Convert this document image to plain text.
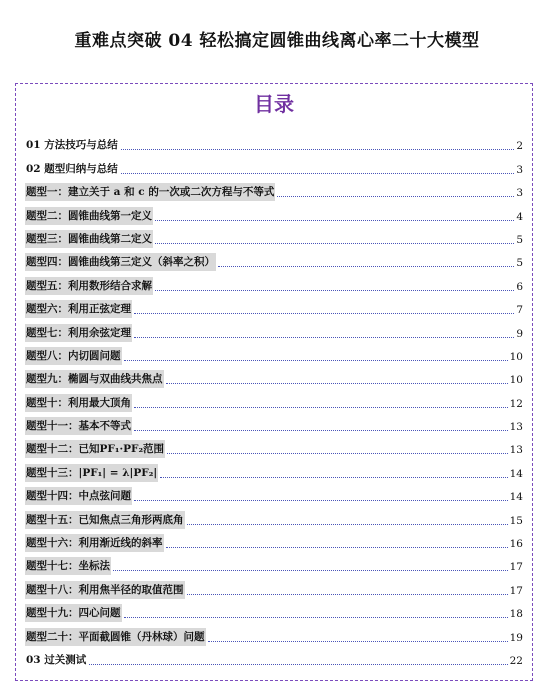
重难点突破 04 轻松搞定圆锥曲线离心率二十大模型
目录
01 方法技巧与总结	2
02 题型归纳与总结	3
题型一：建立关于 a 和 c 的一次或二次方程与不等式	3
题型二：圆锥曲线第一定义	4
题型三：圆锥曲线第二定义	5
题型四：圆锥曲线第三定义（斜率之积）	5
题型五：利用数形结合求解	6
题型六：利用正弦定理	7
题型七：利用余弦定理	9
题型八：内切圆问题	10
题型九：椭圆与双曲线共焦点	10
题型十：利用最大顶角	12
题型十一：基本不等式	13
题型十二：已知PF₁·PF₂范围	13
题型十三：|PF₁| = λ|PF₂|	14
题型十四：中点弦问题	14
题型十五：已知焦点三角形两底角	15
题型十六：利用渐近线的斜率	16
题型十七：坐标法	17
题型十八：利用焦半径的取值范围	17
题型十九：四心问题	18
题型二十：平面截圆锥（丹林球）问题	19
03 过关测试	22
